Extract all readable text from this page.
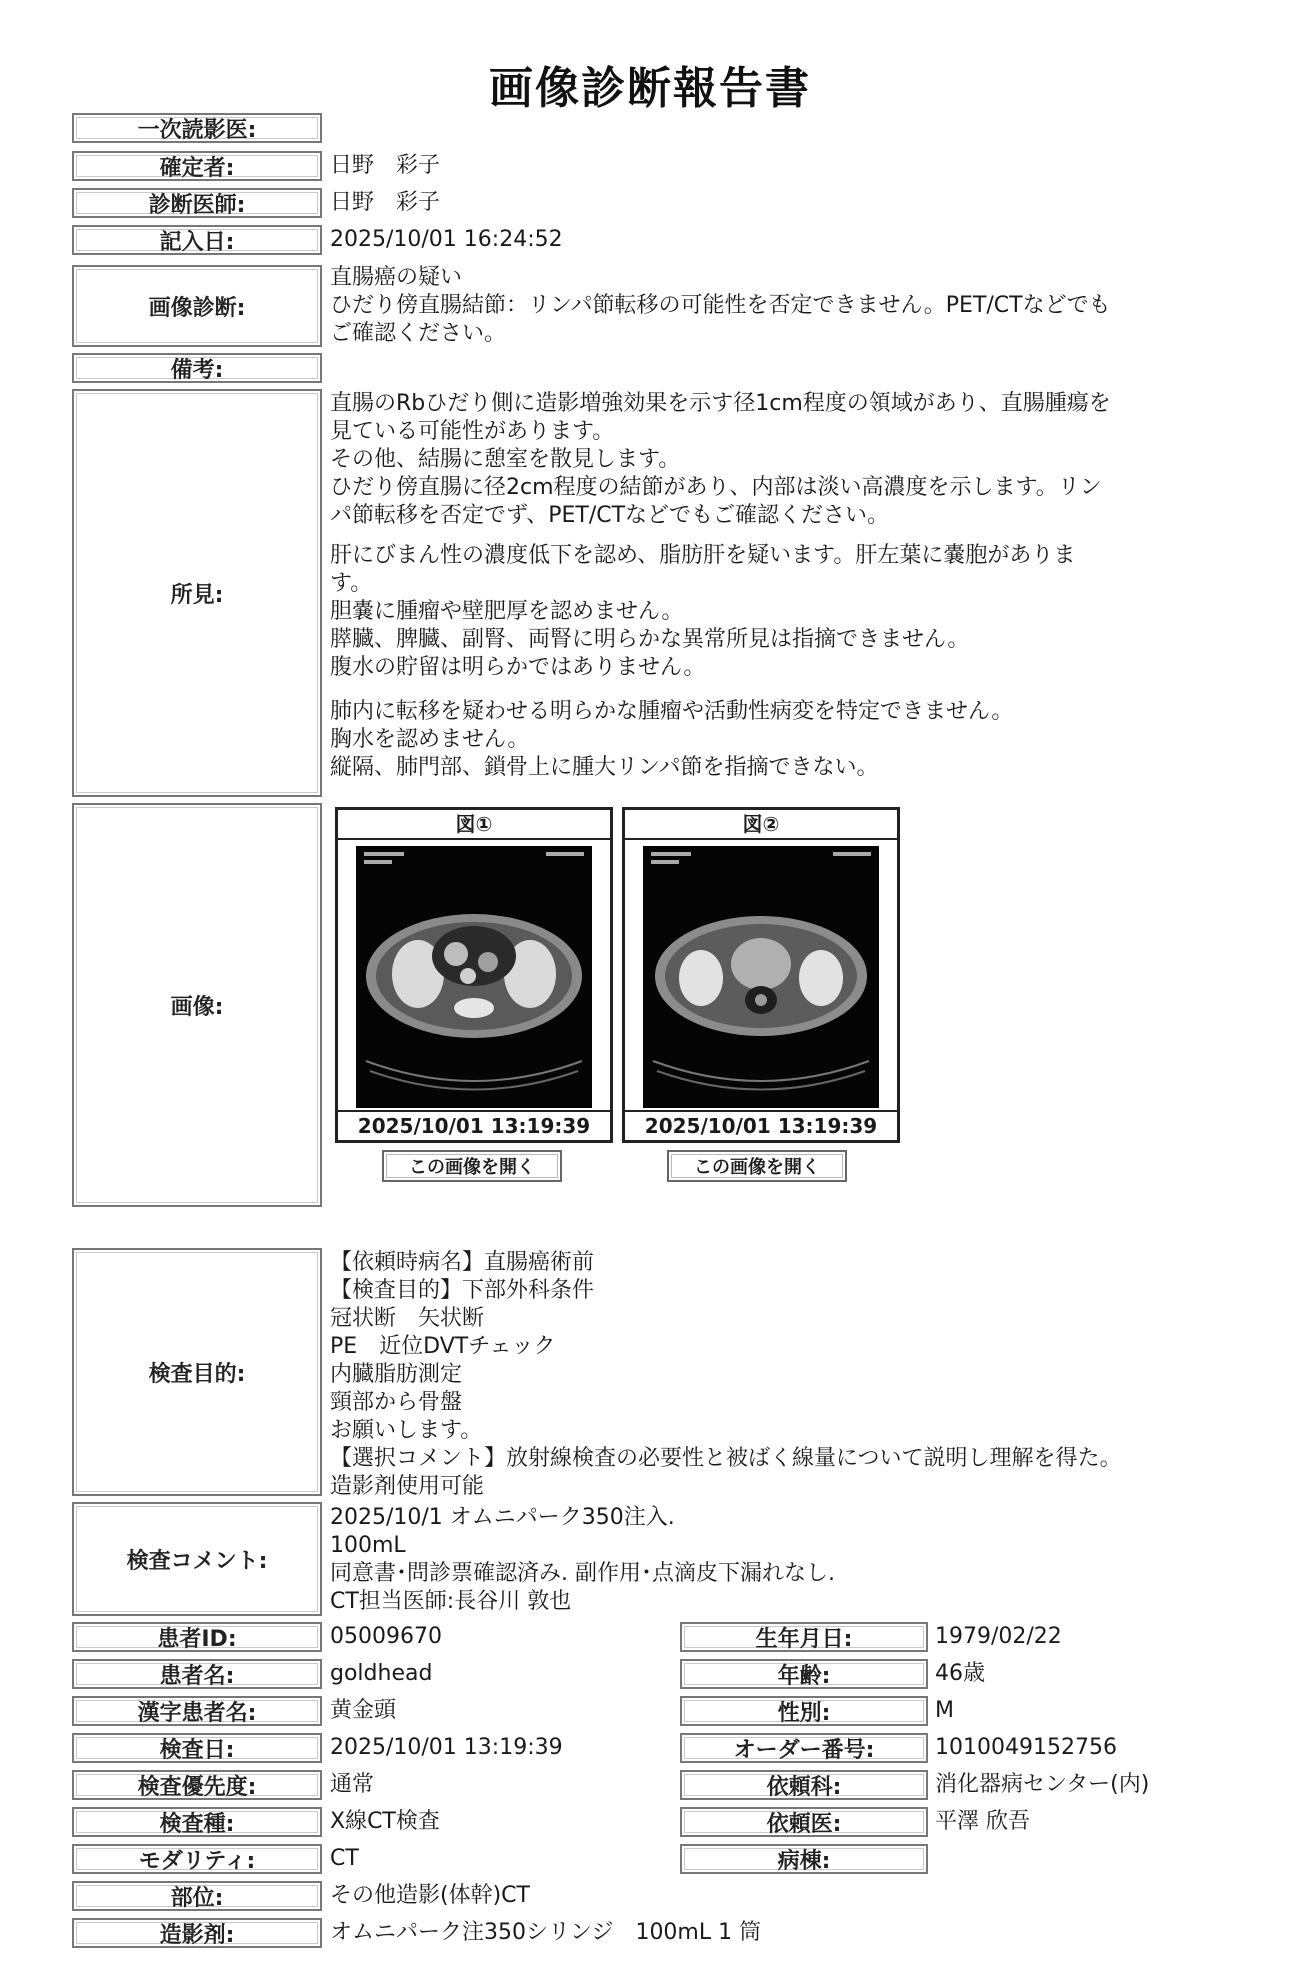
画像診断報告書
一次読影医:
確定者:	日野　彩子
診断医師:	日野　彩子
記入日:	2025/10/01 16:24:52
画像診断:
直腸癌の疑い
ひだり傍直腸結節：リンパ節転移の可能性を否定できません。PET/CTなどでも
ご確認ください。
備考:
所見:
直腸のRbひだり側に造影増強効果を示す径1cm程度の領域があり、直腸腫瘍を
見ている可能性があります。
その他、結腸に憩室を散見します。
ひだり傍直腸に径2cm程度の結節があり、内部は淡い高濃度を示します。リン
パ節転移を否定でず、PET/CTなどでもご確認ください。
肝にびまん性の濃度低下を認め、脂肪肝を疑います。肝左葉に嚢胞がありま
す。
胆嚢に腫瘤や壁肥厚を認めません。
膵臓、脾臓、副腎、両腎に明らかな異常所見は指摘できません。
腹水の貯留は明らかではありません。
肺内に転移を疑わせる明らかな腫瘤や活動性病変を特定できません。
胸水を認めません。
縦隔、肺門部、鎖骨上に腫大リンパ節を指摘できない。
画像:
図①
2025/10/01 13:19:39
この画像を開く
図②
2025/10/01 13:19:39
この画像を開く
検査目的:
【依頼時病名】直腸癌術前
【検査目的】下部外科条件
冠状断　矢状断
PE　近位DVTチェック
内臓脂肪測定
頸部から骨盤
お願いします。
【選択コメント】放射線検査の必要性と被ばく線量について説明し理解を得た。
造影剤使用可能
検査コメント:
2025/10/1 オムニパーク350注入.
100mL
同意書･問診票確認済み. 副作用･点滴皮下漏れなし.
CT担当医師:長谷川 敦也
患者ID:	05009670
患者名:	goldhead
漢字患者名:	黄金頭
検査日:	2025/10/01 13:19:39
検査優先度:	通常
検査種:	X線CT検査
モダリティ:	CT
部位:	その他造影(体幹)CT
造影剤:	オムニパーク注350シリンジ　100mL 1 筒
生年月日:	1979/02/22
年齢:	46歳
性別:	M
オーダー番号:	1010049152756
依頼科:	消化器病センター(内)
依頼医:	平澤 欣吾
病棟:
